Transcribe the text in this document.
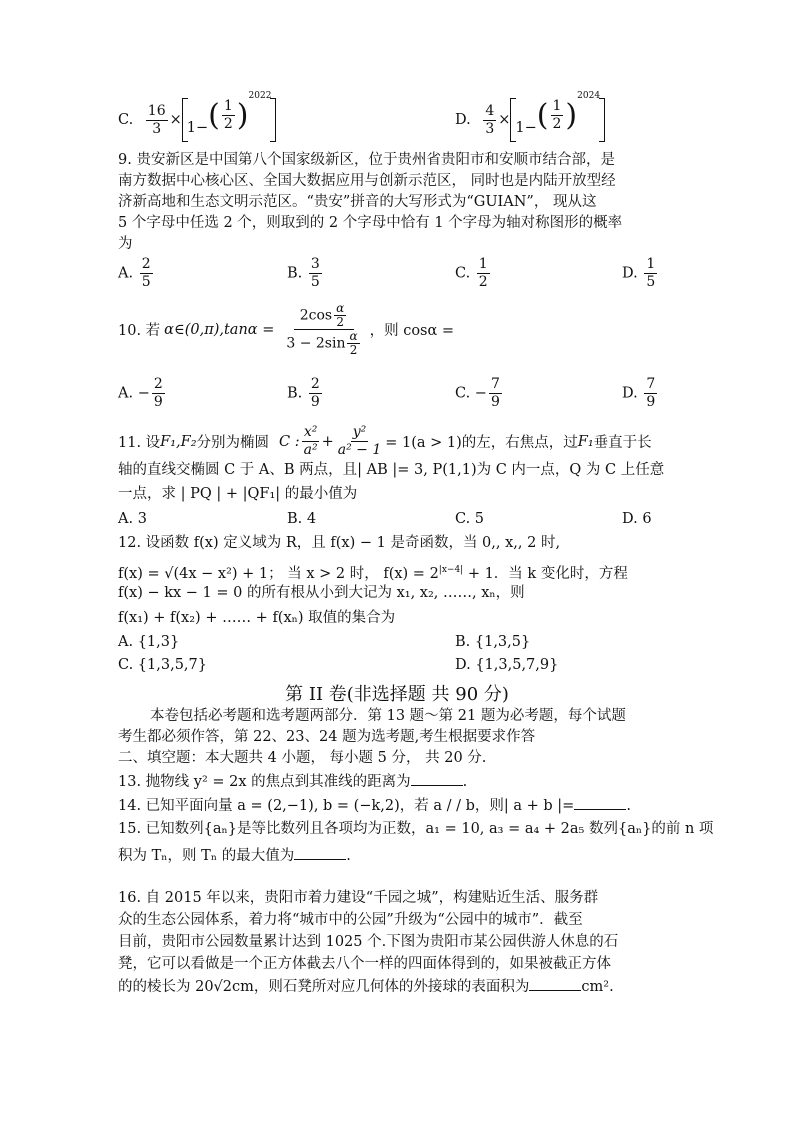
C. $\frac{16}{3} \times 1-( \frac{1}{2} )^{2022}$
D. $\frac{4}{3} \times 1-( \frac{1}{2} )^{2024}$
9. 贵安新区是中国第八个国家级新区，位于贵州省贵阳市和安顺市结合部，是
南方数据中心核心区、全国大数据应用与创新示范区， 同时也是内陆开放型经
济新高地和生态文明示范区。“贵安”拼音的大写形式为“GUIAN”， 现从这
5 个字母中任选 2 个，则取到的 2 个字母中恰有 1 个字母为轴对称图形的概率
为
A. $\frac{2}{5}$	B. $\frac{3}{5}$	C. $\frac{1}{2}$	D. $\frac{1}{5}$
10. 若 α∈(0,π),tanα = $\frac{2\cos \frac{\alpha}{2}}{3 - 2\sin \frac{\alpha}{2}}$ ，则 cosα =
A. − $\frac{2}{9}$	B. $\frac{2}{9}$	C. − $\frac{7}{9}$	D. $\frac{7}{9}$
11. 设 F₁,F₂ 分别为椭圆 C : $\frac{\text{x²}}{\text{a²}} + \frac{\text{y²}}{\text{a² − 1}} = 1(a > 1)$的左，右焦点，过 F₁ 垂直于长
轴的直线交椭圆 C 于 A、B 两点，且| AB |= 3, P(1,1)为 C 内一点，Q 为 C 上任意
一点，求 | PQ | + |QF₁| 的最小值为
A. 3	B. 4	C. 5	D. 6
12. 设函数 f(x) 定义域为 R，且 f(x) − 1 是奇函数，当 0,, x,, 2 时,
f(x) = √(4x − x²) + 1； 当 x > 2 时， $f(x) = 2^{|x-4|} + 1$．当 k 变化时，方程
f(x) − kx − 1 = 0 的所有根从小到大记为 x₁, x₂, ……, xₙ，则
f(x₁) + f(x₂) + …… + f(xₙ) 取值的集合为
A. {1,3}	B. {1,3,5}
C. {1,3,5,7}	D. {1,3,5,7,9}
第 II 卷(非选择题 共 90 分)
本卷包括必考题和选考题两部分．第 13 题～第 21 题为必考题，每个试题
考生都必须作答，第 22、23、24 题为选考题,考生根据要求作答
二、填空题：本大题共 4 小题， 每小题 5 分， 共 20 分.
13. 抛物线 y² = 2x 的焦点到其准线的距离为	.
14. 已知平面向量 a = (2,−1), b = (−k,2)，若 a / / b，则| a + b |=	.
15. 已知数列{aₙ}是等比数列且各项均为正数，a₁ = 10, a₃ = a₄ + 2a₅ 数列{aₙ}的前 n 项
积为 Tₙ，则 Tₙ 的最大值为	.
16. 自 2015 年以来，贵阳市着力建设“千园之城”，构建贴近生活、服务群
众的生态公园体系，着力将“城市中的公园”升级为“公园中的城市”．截至
目前，贵阳市公园数量累计达到 1025 个.下图为贵阳市某公园供游人休息的石
凳，它可以看做是一个正方体截去八个一样的四面体得到的，如果被截正方体
的的棱长为 20√2cm，则石凳所对应几何体的外接球的表面积为	cm².
